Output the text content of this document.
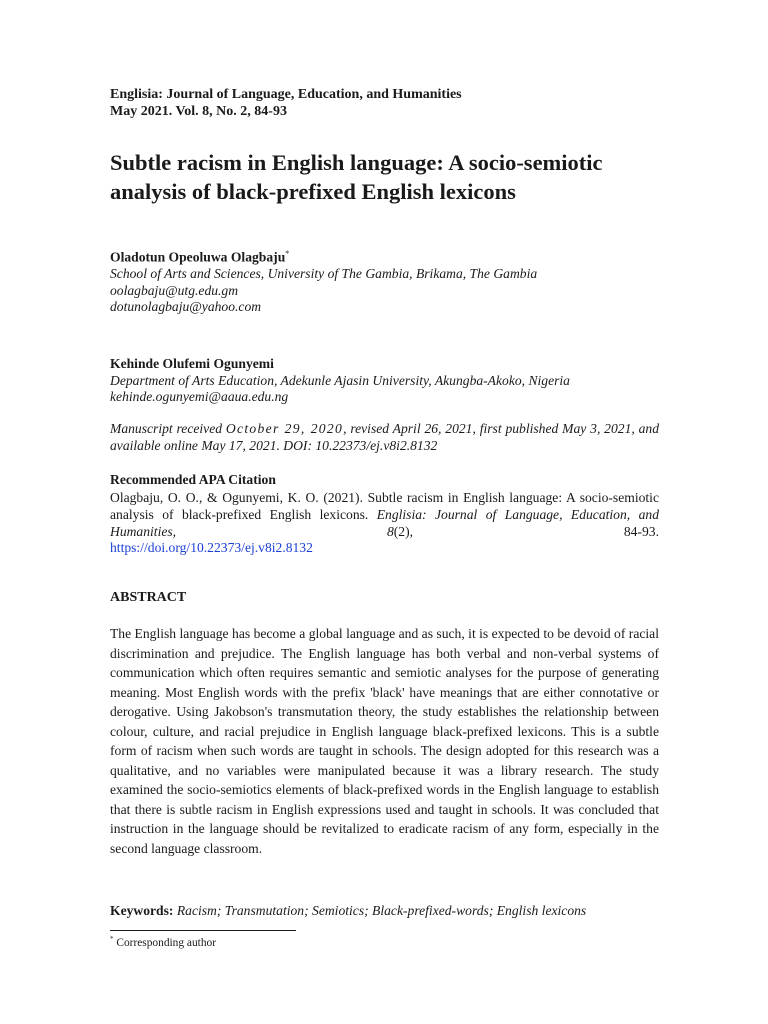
Englisia: Journal of Language, Education, and Humanities
May 2021. Vol. 8, No. 2, 84-93
Subtle racism in English language: A socio-semiotic analysis of black-prefixed English lexicons
Oladotun Opeoluwa Olagbaju*
School of Arts and Sciences, University of The Gambia, Brikama, The Gambia
oolagbaju@utg.edu.gm
dotunolagbaju@yahoo.com
Kehinde Olufemi Ogunyemi
Department of Arts Education, Adekunle Ajasin University, Akungba-Akoko, Nigeria
kehinde.ogunyemi@aaua.edu.ng
Manuscript received October 29, 2020, revised April 26, 2021, first published May 3, 2021, and available online May 17, 2021. DOI: 10.22373/ej.v8i2.8132
Recommended APA Citation
Olagbaju, O. O., & Ogunyemi, K. O. (2021). Subtle racism in English language: A socio-semiotic analysis of black-prefixed English lexicons. Englisia: Journal of Language, Education, and Humanities,	8(2), 84-93.
https://doi.org/10.22373/ej.v8i2.8132
ABSTRACT

The English language has become a global language and as such, it is expected to be devoid of racial discrimination and prejudice. The English language has both verbal and non-verbal systems of communication which often requires semantic and semiotic analyses for the purpose of generating meaning. Most English words with the prefix 'black' have meanings that are either connotative or derogative. Using Jakobson's transmutation theory, the study establishes the relationship between colour, culture, and racial prejudice in English language black-prefixed lexicons. This is a subtle form of racism when such words are taught in schools. The design adopted for this research was a qualitative, and no variables were manipulated because it was a library research. The study examined the socio-semiotics elements of black-prefixed words in the English language to establish that there is subtle racism in English expressions used and taught in schools. It was concluded that instruction in the language should be revitalized to eradicate racism of any form, especially in the second language classroom.

Keywords: Racism; Transmutation; Semiotics; Black-prefixed-words; English lexicons
* Corresponding author
